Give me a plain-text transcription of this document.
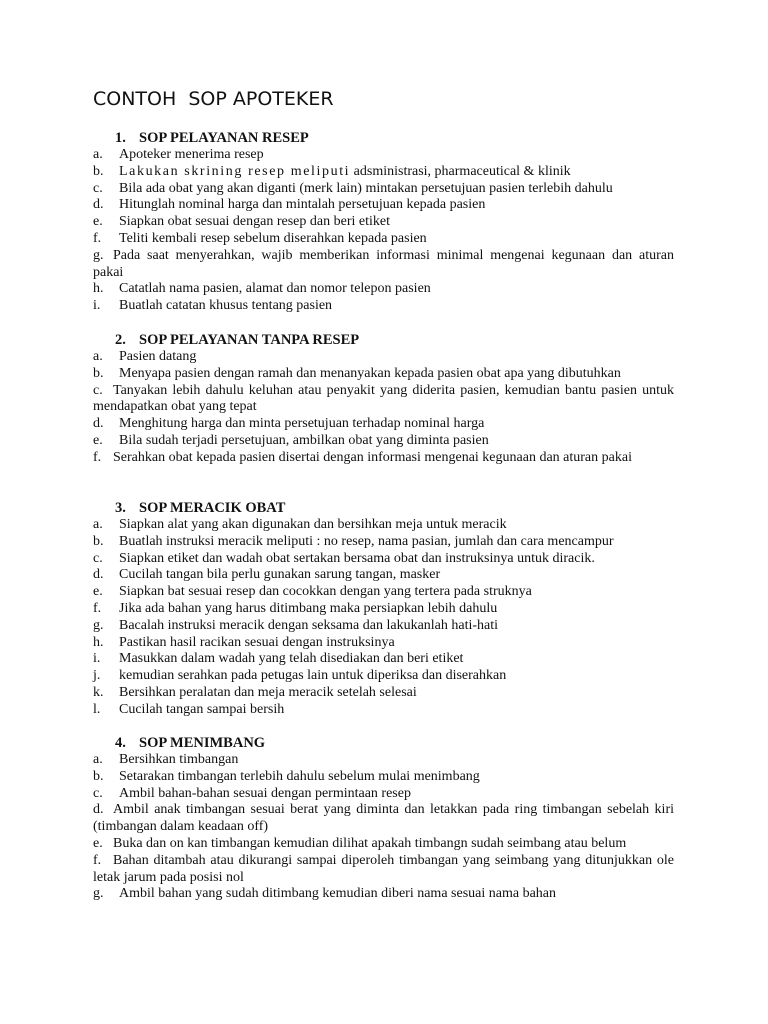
CONTOH  SOP APOTEKER
1. SOP PELAYANAN RESEP
a. Apoteker menerima resep
b. Lakukan skrining resep meliputi adsministrasi, pharmaceutical & klinik
c. Bila ada obat yang akan diganti (merk lain) mintakan persetujuan pasien terlebih dahulu
d. Hitunglah nominal harga dan mintalah persetujuan kepada pasien
e. Siapkan obat sesuai dengan resep dan beri etiket
f. Teliti kembali resep sebelum diserahkan kepada pasien
g. Pada saat menyerahkan, wajib memberikan informasi minimal mengenai kegunaan dan aturan pakai
h. Catatlah nama pasien, alamat dan nomor telepon pasien
i. Buatlah catatan khusus tentang pasien
2. SOP PELAYANAN TANPA RESEP
a. Pasien datang
b. Menyapa pasien dengan ramah dan menanyakan kepada pasien obat apa yang dibutuhkan
c. Tanyakan lebih dahulu keluhan atau penyakit yang diderita pasien, kemudian bantu pasien untuk mendapatkan obat yang tepat
d. Menghitung harga dan minta persetujuan terhadap nominal harga
e. Bila sudah terjadi persetujuan, ambilkan obat yang diminta pasien
f. Serahkan obat kepada pasien disertai dengan informasi mengenai kegunaan dan aturan pakai
3. SOP MERACIK OBAT
a. Siapkan alat yang akan digunakan dan bersihkan meja untuk meracik
b. Buatlah instruksi meracik meliputi : no resep, nama pasian, jumlah dan cara mencampur
c. Siapkan etiket dan wadah obat sertakan bersama obat dan instruksinya untuk diracik.
d. Cucilah tangan bila perlu gunakan sarung tangan, masker
e. Siapkan bat sesuai resep dan cocokkan dengan yang tertera pada struknya
f. Jika ada bahan yang harus ditimbang maka persiapkan lebih dahulu
g. Bacalah instruksi meracik dengan seksama dan lakukanlah hati-hati
h. Pastikan hasil racikan sesuai dengan instruksinya
i. Masukkan dalam wadah yang telah disediakan dan beri etiket
j. kemudian serahkan pada petugas lain untuk diperiksa dan diserahkan
k. Bersihkan peralatan dan meja meracik setelah selesai
l. Cucilah tangan sampai bersih
4. SOP MENIMBANG
a. Bersihkan timbangan
b. Setarakan timbangan terlebih dahulu sebelum mulai menimbang
c. Ambil bahan-bahan sesuai dengan permintaan resep
d. Ambil anak timbangan sesuai berat yang diminta dan letakkan pada ring timbangan sebelah kiri (timbangan dalam keadaan off)
e. Buka dan on kan timbangan kemudian dilihat apakah timbangn sudah seimbang atau belum
f. Bahan ditambah atau dikurangi sampai diperoleh timbangan yang seimbang yang ditunjukkan ole letak jarum pada posisi nol
g. Ambil bahan yang sudah ditimbang kemudian diberi nama sesuai nama bahan
